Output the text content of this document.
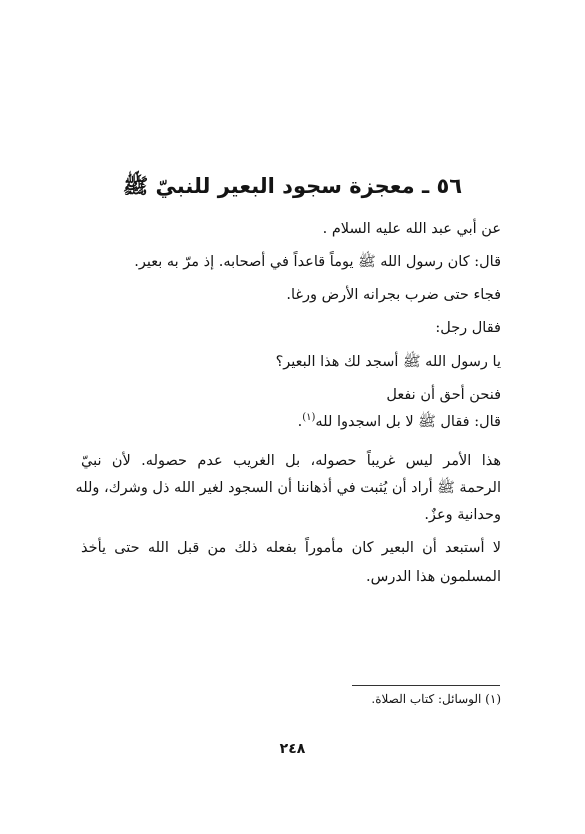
٥٦ ـ معجزة سجود البعير للنبيّ ﷺ
عن أبي عبد الله عليه السلام .
قال: كان رسول الله ﷺ يوماً قاعداً في أصحابه. إذ مرّ به بعير.
فجاء حتى ضرب بجرانه الأرض ورغا.
فقال رجل:
يا رسول الله ﷺ أسجد لك هذا البعير؟
فنحن أحق أن نفعل
قال: فقال ﷺ لا بل اسجدوا لله$^{(١)}$.
هذا الأمر ليس غريباً حصوله، بل الغريب عدم حصوله. لأن نبيّ
الرحمة ﷺ أراد أن يُثبت في أذهاننا أن السجود لغير الله ذل وشرك، ولله
وحدانية وعزٌ.
لا أستبعد أن البعير كان مأموراً بفعله ذلك من قبل الله حتى يأخذ
المسلمون هذا الدرس.
(١) الوسائل: كتاب الصلاة.
٢٤٨
